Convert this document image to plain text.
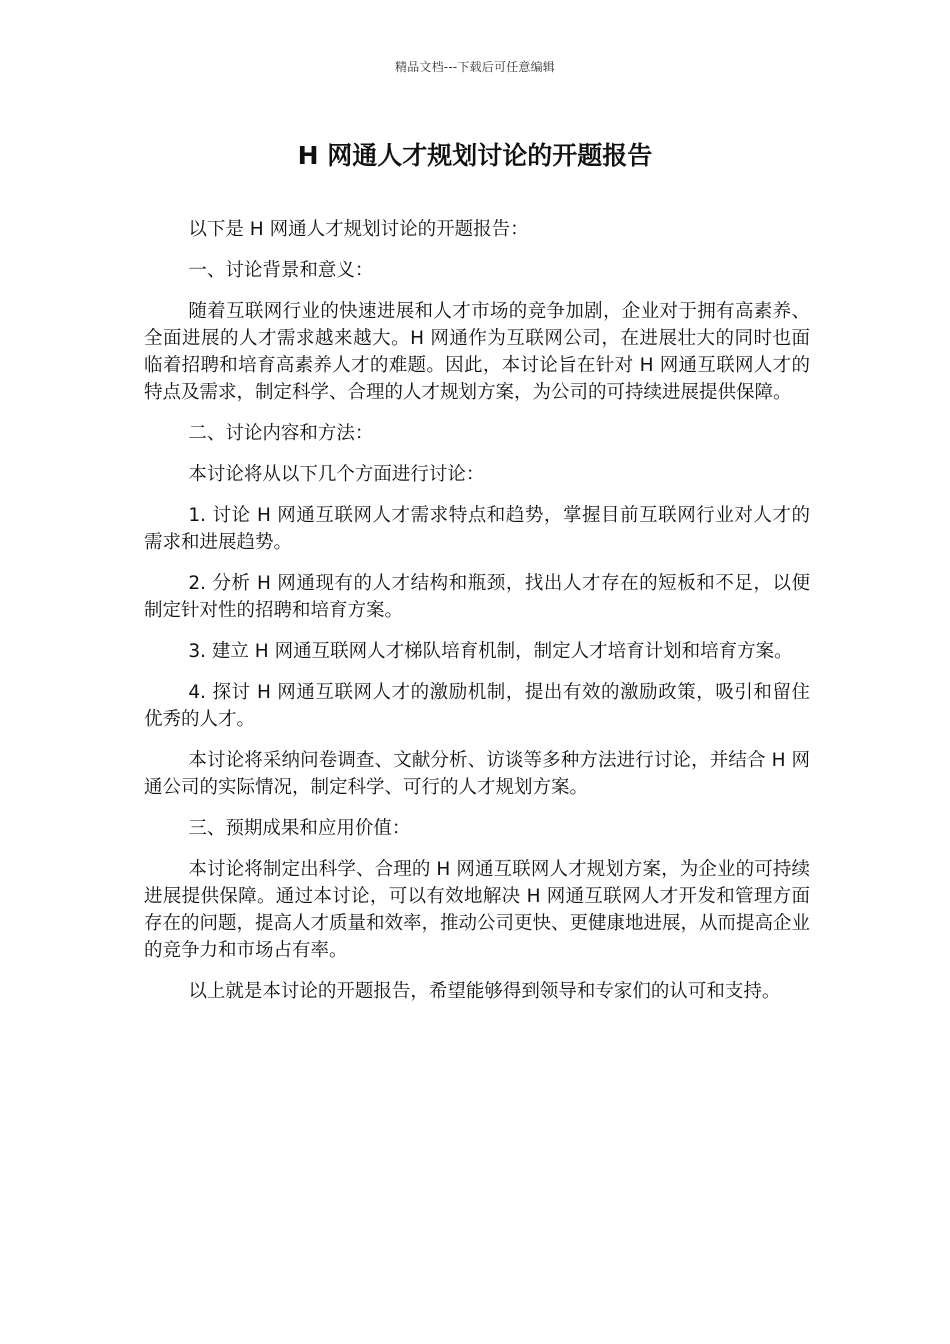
精品文档---下载后可任意编辑
H 网通人才规划讨论的开题报告

以下是 H 网通人才规划讨论的开题报告：

一、讨论背景和意义：

随着互联网行业的快速进展和人才市场的竞争加剧，企业对于拥有高素养、全面进展的人才需求越来越大。H 网通作为互联网公司，在进展壮大的同时也面临着招聘和培育高素养人才的难题。因此，本讨论旨在针对 H 网通互联网人才的特点及需求，制定科学、合理的人才规划方案，为公司的可持续进展提供保障。

二、讨论内容和方法：

本讨论将从以下几个方面进行讨论：

1. 讨论 H 网通互联网人才需求特点和趋势，掌握目前互联网行业对人才的需求和进展趋势。

2. 分析 H 网通现有的人才结构和瓶颈，找出人才存在的短板和不足，以便制定针对性的招聘和培育方案。

3. 建立 H 网通互联网人才梯队培育机制，制定人才培育计划和培育方案。

4. 探讨 H 网通互联网人才的激励机制，提出有效的激励政策，吸引和留住优秀的人才。

本讨论将采纳问卷调查、文献分析、访谈等多种方法进行讨论，并结合 H 网通公司的实际情况，制定科学、可行的人才规划方案。

三、预期成果和应用价值：

本讨论将制定出科学、合理的 H 网通互联网人才规划方案，为企业的可持续进展提供保障。通过本讨论，可以有效地解决 H 网通互联网人才开发和管理方面存在的问题，提高人才质量和效率，推动公司更快、更健康地进展，从而提高企业的竞争力和市场占有率。

以上就是本讨论的开题报告，希望能够得到领导和专家们的认可和支持。
